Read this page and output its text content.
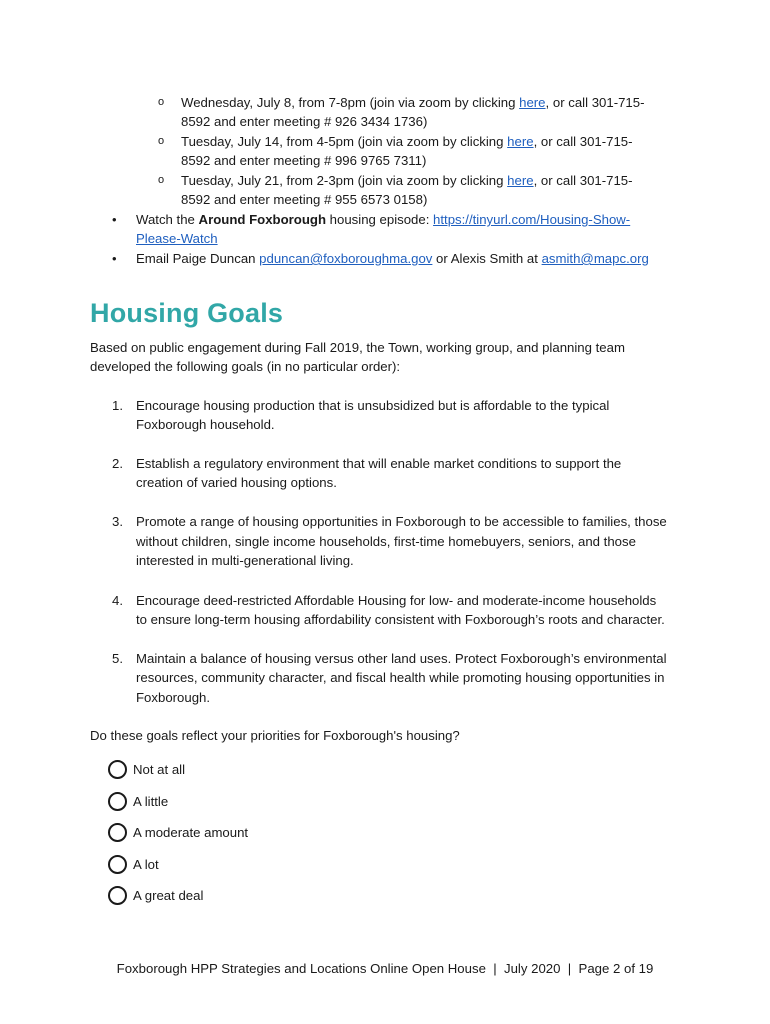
o Wednesday, July 8, from 7-8pm (join via zoom by clicking here, or call 301-715-
8592 and enter meeting # 926 3434 1736)
o Tuesday, July 14, from 4-5pm (join via zoom by clicking here, or call 301-715-
8592 and enter meeting # 996 9765 7311)
o Tuesday, July 21, from 2-3pm (join via zoom by clicking here, or call 301-715-
8592 and enter meeting # 955 6573 0158)
• Watch the Around Foxborough housing episode: https://tinyurl.com/Housing-Show-
Please-Watch
• Email Paige Duncan pduncan@foxboroughma.gov or Alexis Smith at asmith@mapc.org
Housing Goals
Based on public engagement during Fall 2019, the Town, working group, and planning team
developed the following goals (in no particular order):
1. Encourage housing production that is unsubsidized but is affordable to the typical
Foxborough household.
2. Establish a regulatory environment that will enable market conditions to support the
creation of varied housing options.
3. Promote a range of housing opportunities in Foxborough to be accessible to families, those
without children, single income households, first-time homebuyers, seniors, and those
interested in multi-generational living.
4. Encourage deed-restricted Affordable Housing for low- and moderate-income households
to ensure long-term housing affordability consistent with Foxborough’s roots and character.
5. Maintain a balance of housing versus other land uses. Protect Foxborough’s environmental
resources, community character, and fiscal health while promoting housing opportunities in
Foxborough.
Do these goals reflect your priorities for Foxborough's housing?
Not at all
A little
A moderate amount
A lot
A great deal
Foxborough HPP Strategies and Locations Online Open House  |  July 2020  |  Page 2 of 19
